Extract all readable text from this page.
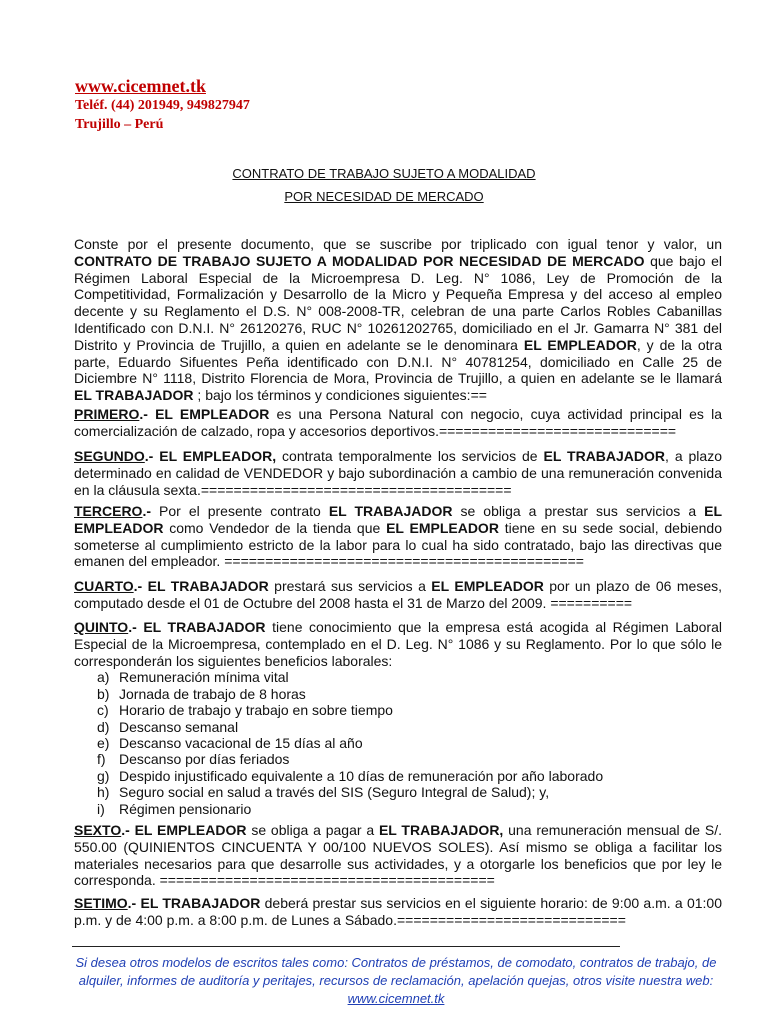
www.cicemnet.tk
Teléf. (44) 201949, 949827947
Trujillo – Perú
CONTRATO DE TRABAJO SUJETO A MODALIDAD
POR NECESIDAD DE MERCADO

Conste por el presente documento, que se suscribe por triplicado con igual tenor y valor, un CONTRATO DE TRABAJO SUJETO A MODALIDAD POR NECESIDAD DE MERCADO que bajo el Régimen Laboral Especial de la Microempresa D. Leg. N° 1086, Ley de Promoción de la Competitividad, Formalización y Desarrollo de la Micro y Pequeña Empresa y del acceso al empleo decente y su Reglamento el D.S. N° 008-2008-TR, celebran de una parte Carlos Robles Cabanillas Identificado con D.N.I. N° 26120276, RUC N° 10261202765, domiciliado en el Jr. Gamarra N° 381 del Distrito y Provincia de Trujillo, a quien en adelante se le denominara EL EMPLEADOR, y de la otra parte, Eduardo Sifuentes Peña identificado con D.N.I. N° 40781254, domiciliado en Calle 25 de Diciembre N° 1118, Distrito Florencia de Mora, Provincia de Trujillo, a quien en adelante se le llamará EL TRABAJADOR ; bajo los términos y condiciones siguientes:==

PRIMERO.- EL EMPLEADOR es una Persona Natural con negocio, cuya actividad principal es la comercialización de calzado, ropa y accesorios deportivos.=============================

SEGUNDO.- EL EMPLEADOR, contrata temporalmente los servicios de EL TRABAJADOR, a plazo determinado en calidad de VENDEDOR y bajo subordinación a cambio de una remuneración convenida en la cláusula sexta.======================================

TERCERO.- Por el presente contrato EL TRABAJADOR se obliga a prestar sus servicios a EL EMPLEADOR como Vendedor de la tienda que EL EMPLEADOR tiene en su sede social, debiendo someterse al cumplimiento estricto de la labor para lo cual ha sido contratado, bajo las directivas que emanen del empleador. ============================================

CUARTO.- EL TRABAJADOR prestará sus servicios a EL EMPLEADOR por un plazo de 06 meses, computado desde el 01 de Octubre del 2008 hasta el 31 de Marzo del 2009. ==========

QUINTO.- EL TRABAJADOR tiene conocimiento que la empresa está acogida al Régimen Laboral Especial de la Microempresa, contemplado en el D. Leg. N° 1086 y su Reglamento. Por lo que sólo le corresponderán los siguientes beneficios laborales:

a) Remuneración mínima vital
b) Jornada de trabajo de 8 horas
c) Horario de trabajo y trabajo en sobre tiempo
d) Descanso semanal
e) Descanso vacacional de 15 días al año
f) Descanso por días feriados
g) Despido injustificado equivalente a 10 días de remuneración por año laborado
h) Seguro social en salud a través del SIS (Seguro Integral de Salud); y,
i) Régimen pensionario

SEXTO.- EL EMPLEADOR se obliga a pagar a EL TRABAJADOR, una remuneración mensual de S/. 550.00 (QUINIENTOS CINCUENTA Y 00/100 NUEVOS SOLES). Así mismo se obliga a facilitar los materiales necesarios para que desarrolle sus actividades, y a otorgarle los beneficios que por ley le corresponda. =========================================

SETIMO.- EL TRABAJADOR deberá prestar sus servicios en el siguiente horario: de 9:00 a.m. a 01:00 p.m. y de 4:00 p.m. a 8:00 p.m. de Lunes a Sábado.============================

Si desea otros modelos de escritos tales como: Contratos de préstamos, de comodato, contratos de trabajo, de alquiler, informes de auditoría y peritajes, recursos de reclamación, apelación quejas, otros visite nuestra web: www.cicemnet.tk
